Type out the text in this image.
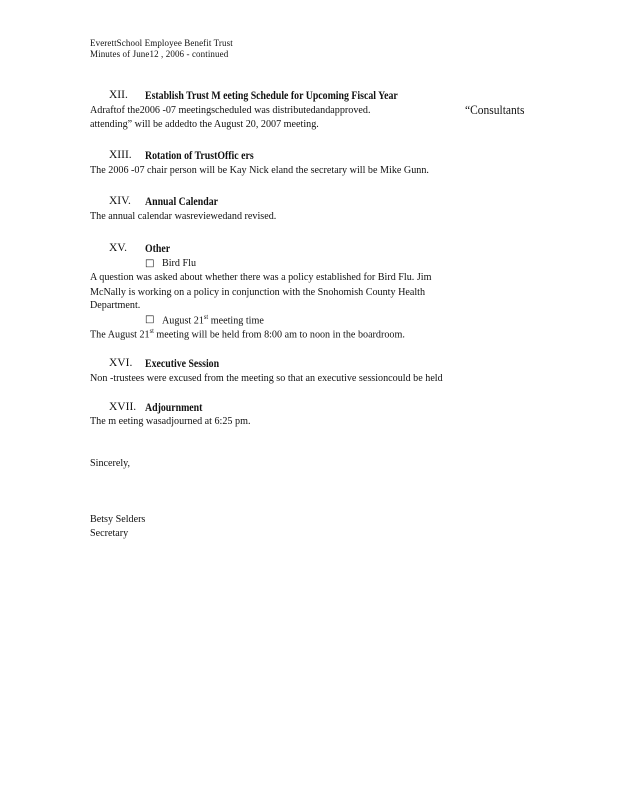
EverettSchool Employee Benefit Trust
Minutes of June12 , 2006 - continued
XII. Establish Trust M eeting Schedule for Upcoming Fiscal Year
Adraftof the2006 -07 meetingscheduled was distributedandapproved.	“Consultants
attending” will be addedto the August 20, 2007 meeting.
XIII. Rotation of TrustOffic ers
The 2006 -07 chair person will be Kay Nick eland the secretary will be Mike Gunn.
XIV. Annual Calendar
The annual calendar wasreviewedand revised.
XV. Other
□ Bird Flu
A question was asked about whether there was a policy established for Bird Flu. Jim
McNally is working on a policy in conjunction with the Snohomish County Health
Department.
□ August 21st meeting time
The August 21st meeting will be held from 8:00 am to noon in the boardroom.
XVI. Executive Session
Non -trustees were excused from the meeting so that an executive sessioncould be held
XVII. Adjournment
The m eeting wasadjourned at 6:25 pm.
Sincerely,
Betsy Selders
Secretary
